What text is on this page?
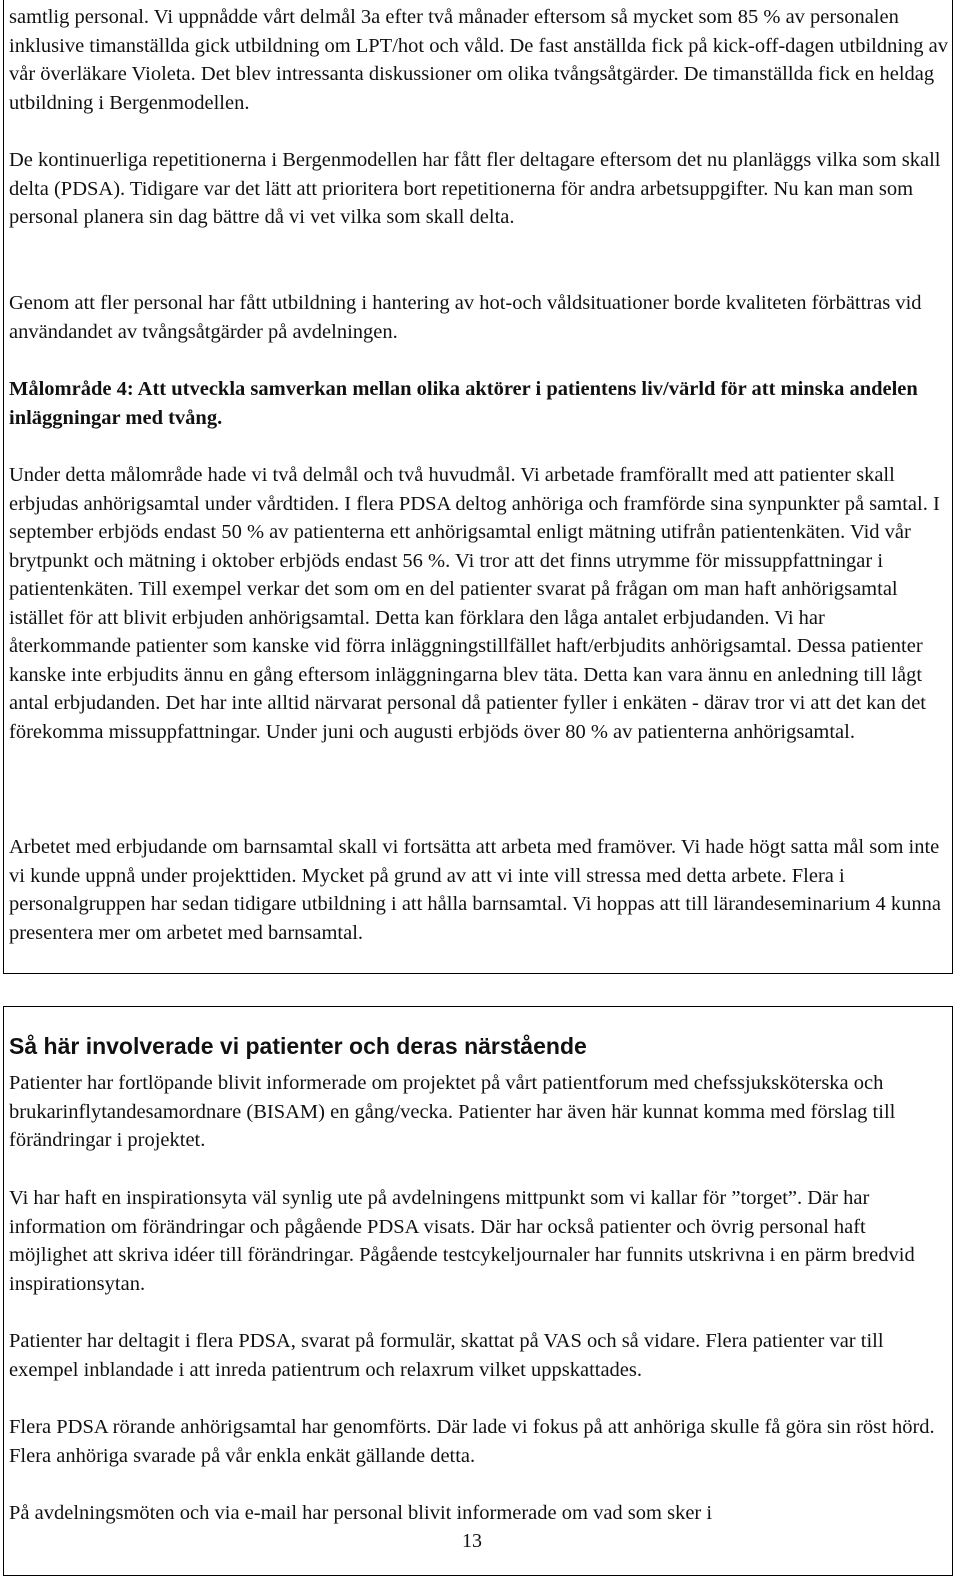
samtlig personal. Vi uppnådde vårt delmål 3a efter två månader eftersom så mycket som 85 % av personalen inklusive timanställda gick utbildning om LPT/hot och våld. De fast anställda fick på kick-off-dagen utbildning av vår överläkare Violeta. Det blev intressanta diskussioner om olika tvångsåtgärder. De timanställda fick en heldag utbildning i Bergenmodellen.

De kontinuerliga repetitionerna i Bergenmodellen har fått fler deltagare eftersom det nu planläggs vilka som skall delta (PDSA). Tidigare var det lätt att prioritera bort repetitionerna för andra arbetsuppgifter. Nu kan man som personal planera sin dag bättre då vi vet vilka som skall delta.

Genom att fler personal har fått utbildning i hantering av hot-och våldsituationer borde kvaliteten förbättras vid användandet av tvångsåtgärder på avdelningen.

Målområde 4: Att utveckla samverkan mellan olika aktörer i patientens liv/värld för att minska andelen inläggningar med tvång.

Under detta målområde hade vi två delmål och två huvudmål. Vi arbetade framförallt med att patienter skall erbjudas anhörigsamtal under vårdtiden. I flera PDSA deltog anhöriga och framförde sina synpunkter på samtal. I september erbjöds endast 50 % av patienterna ett anhörigsamtal enligt mätning utifrån patientenkäten. Vid vår brytpunkt och mätning i oktober erbjöds endast 56 %. Vi tror att det finns utrymme för missuppfattningar i patientenkäten. Till exempel verkar det som om en del patienter svarat på frågan om man haft anhörigsamtal istället för att blivit erbjuden anhörigsamtal. Detta kan förklara den låga antalet erbjudanden. Vi har återkommande patienter som kanske vid förra inläggningstillfället haft/erbjudits anhörigsamtal. Dessa patienter kanske inte erbjudits ännu en gång eftersom inläggningarna blev täta. Detta kan vara ännu en anledning till lågt antal erbjudanden. Det har inte alltid närvarat personal då patienter fyller i enkäten - därav tror vi att det kan det förekomma missuppfattningar. Under juni och augusti erbjöds över 80 % av patienterna anhörigsamtal.

Arbetet med erbjudande om barnsamtal skall vi fortsätta att arbeta med framöver. Vi hade högt satta mål som inte vi kunde uppnå under projekttiden. Mycket på grund av att vi inte vill stressa med detta arbete. Flera i personalgruppen har sedan tidigare utbildning i att hålla barnsamtal. Vi hoppas att till lärandeseminarium 4 kunna presentera mer om arbetet med barnsamtal.

Så här involverade vi patienter och deras närstående

Patienter har fortlöpande blivit informerade om projektet på vårt patientforum med chefssjuksköterska och brukarinflytandesamordnare (BISAM) en gång/vecka. Patienter har även här kunnat komma med förslag till förändringar i projektet.

Vi har haft en inspirationsyta väl synlig ute på avdelningens mittpunkt som vi kallar för ”torget”. Där har information om förändringar och pågående PDSA visats. Där har också patienter och övrig personal haft möjlighet att skriva idéer till förändringar. Pågående testcykeljournaler har funnits utskrivna i en pärm bredvid inspirationsytan.

Patienter har deltagit i flera PDSA, svarat på formulär, skattat på VAS och så vidare. Flera patienter var till exempel inblandade i att inreda patientrum och relaxrum vilket uppskattades.

Flera PDSA rörande anhörigsamtal har genomförts. Där lade vi fokus på att anhöriga skulle få göra sin röst hörd. Flera anhöriga svarade på vår enkla enkät gällande detta.

På avdelningsmöten och via e-mail har personal blivit informerade om vad som sker i

13
